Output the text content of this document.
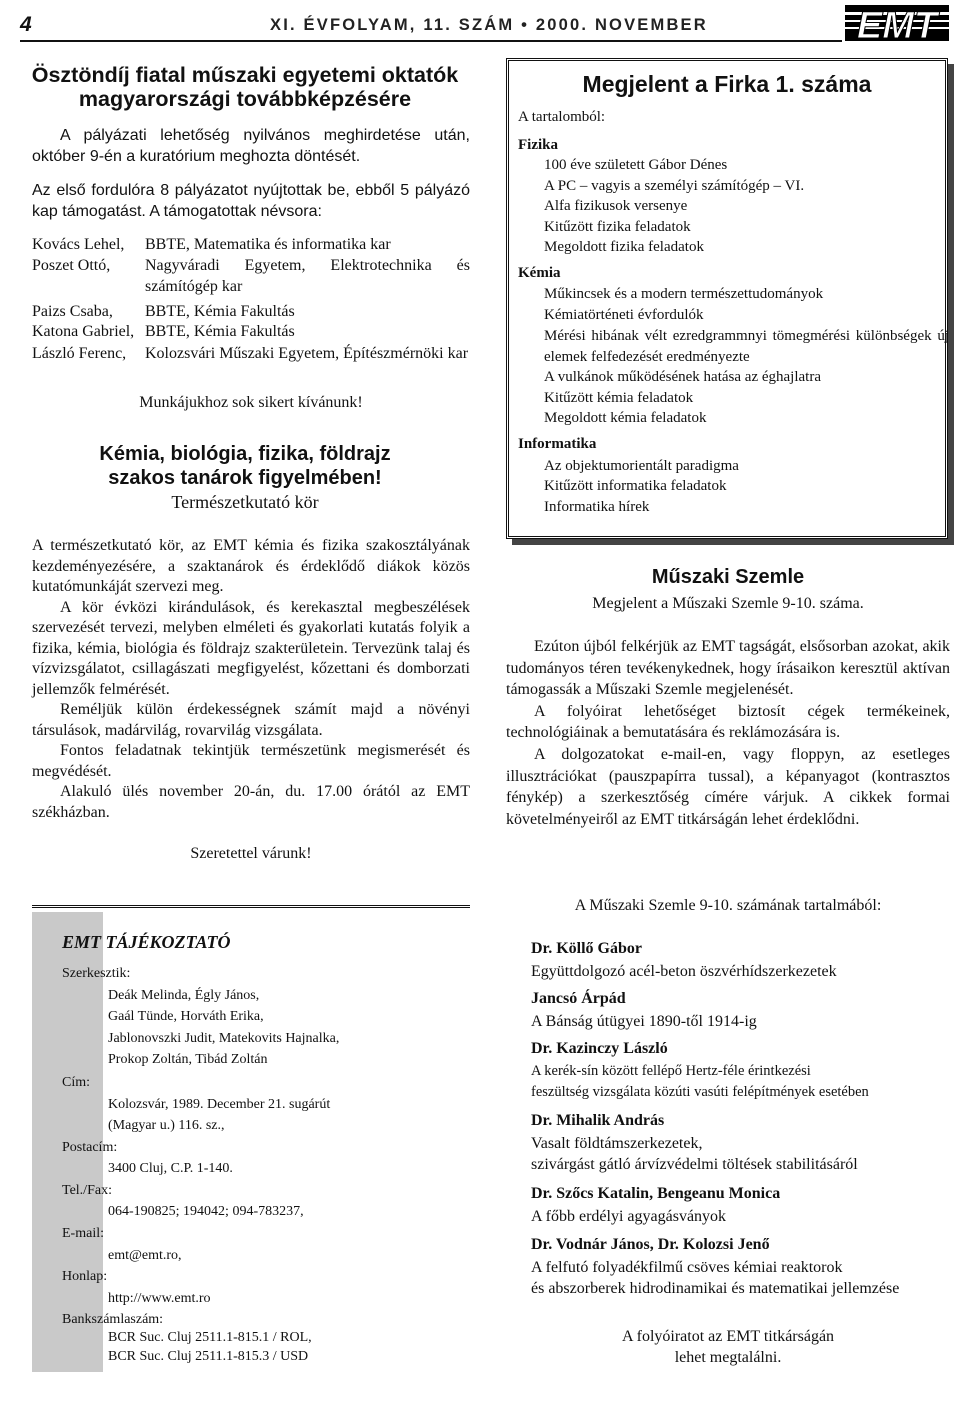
4	XI. ÉVFOLYAM, 11. SZÁM • 2000. NOVEMBER	EMT
Ösztöndíj fiatal műszaki egyetemi oktatók
magyarországi továbbképzésére
A pályázati lehetőség nyilvános meghirdetése után, október 9-én a kuratórium meghozta döntését.
Az első fordulóra 8 pályázatot nyújtottak be, ebből 5 pályázó kap támogatást. A támogatottak névsora:
Kovács Lehel,	BBTE, Matematika és informatika kar
Poszet Ottó,	Nagyváradi Egyetem, Elektrotechnika és számítógép kar
Paizs Csaba,	BBTE, Kémia Fakultás
Katona Gabriel, BBTE, Kémia Fakultás
László Ferenc,	Kolozsvári Műszaki Egyetem, Építészmérnöki kar
Munkájukhoz sok sikert kívánunk!
Kémia, biológia, fizika, földrajz
szakos tanárok figyelmében!
Természetkutató kör

A természetkutató kör, az EMT kémia és fizika szakosztályának kezdeményezésére, a szaktanárok és érdeklődő diákok közös kutatómunkáját szervezi meg.

A kör évközi kirándulások, és kerekasztal megbeszélések szervezését tervezi, melyben elméleti és gyakorlati kutatás folyik a fizika, kémia, biológia és földrajz szakterületein. Tervezünk talaj és vízvizsgálatot, csillagászati megfigyelést, kőzettani és domborzati jellemzők felmérését.

Reméljük külön érdekességnek számít majd a növényi társulások, madárvilág, rovarvilág vizsgálata.

Fontos feladatnak tekintjük természetünk megismerését és megvédését.

Alakuló ülés november 20-án, du. 17.00 órától az EMT székházban.

Szeretettel várunk!
EMT TÁJÉKOZTATÓ
Szerkesztik:
Deák Melinda, Égly János,
Gaál Tünde, Horváth Erika,
Jablonovszki Judit, Matekovits Hajnalka,
Prokop Zoltán, Tibád Zoltán
Cím:
Kolozsvár, 1989. December 21. sugárút
(Magyar u.) 116. sz.,
Postacím:
3400 Cluj, C.P. 1-140.
Tel./Fax:
064-190825; 194042; 094-783237,
E-mail:
emt@emt.ro,
Honlap:
http://www.emt.ro
Bankszámlaszám:
BCR Suc. Cluj 2511.1-815.1 / ROL,
BCR Suc. Cluj 2511.1-815.3 / USD
Megjelent a Firka 1. száma
A tartalomból:
Fizika
100 éve született Gábor Dénes
A PC – vagyis a személyi számítógép – VI.
Alfa fizikusok versenye
Kitűzött fizika feladatok
Megoldott fizika feladatok
Kémia
Műkincsek és a modern természettudományok
Kémiatörténeti évfordulók
Mérési hibának vélt ezredgrammnyi tömegmérési különbségek új elemek felfedezését eredményezte
A vulkánok működésének hatása az éghajlatra
Kitűzött kémia feladatok
Megoldott kémia feladatok
Informatika
Az objektumorientált paradigma
Kitűzött informatika feladatok
Informatika hírek
Műszaki Szemle
Megjelent a Műszaki Szemle 9-10. száma.

Ezúton újból felkérjük az EMT tagságát, elsősorban azokat, akik tudományos téren tevékenykednek, hogy írásaikon keresztül aktívan támogassák a Műszaki Szemle megjelenését.

A folyóirat lehetőséget biztosít cégek termékeinek, technológiáinak a bemutatására és reklámozására is.

A dolgozatokat e-mail-en, vagy floppyn, az esetleges illusztrációkat (pauszpapírra tussal), a képanyagot (kontrasztos fénykép) a szerkesztőség címére várjuk. A cikkek formai követelményeiről az EMT titkárságán lehet érdeklődni.

A Műszaki Szemle 9-10. számának tartalmából:
Dr. Köllő Gábor
Együttdolgozó acél-beton öszvérhídszerkezetek
Jancsó Árpád
A Bánság útügyei 1890-től 1914-ig
Dr. Kazinczy László
A kerék-sín között fellépő Hertz-féle érintkezési
feszültség vizsgálata közúti vasúti felépítmények esetében
Dr. Mihalik András
Vasalt földtámszerkezetek,
szivárgást gátló árvízvédelmi töltések stabilitásáról
Dr. Szőcs Katalin, Bengeanu Monica
A főbb erdélyi agyagásványok
Dr. Vodnár János, Dr. Kolozsi Jenő
A felfutó folyadékfilmű csöves kémiai reaktorok
és abszorberek hidrodinamikai és matematikai jellemzése
A folyóiratot az EMT titkárságán
lehet megtalálni.
